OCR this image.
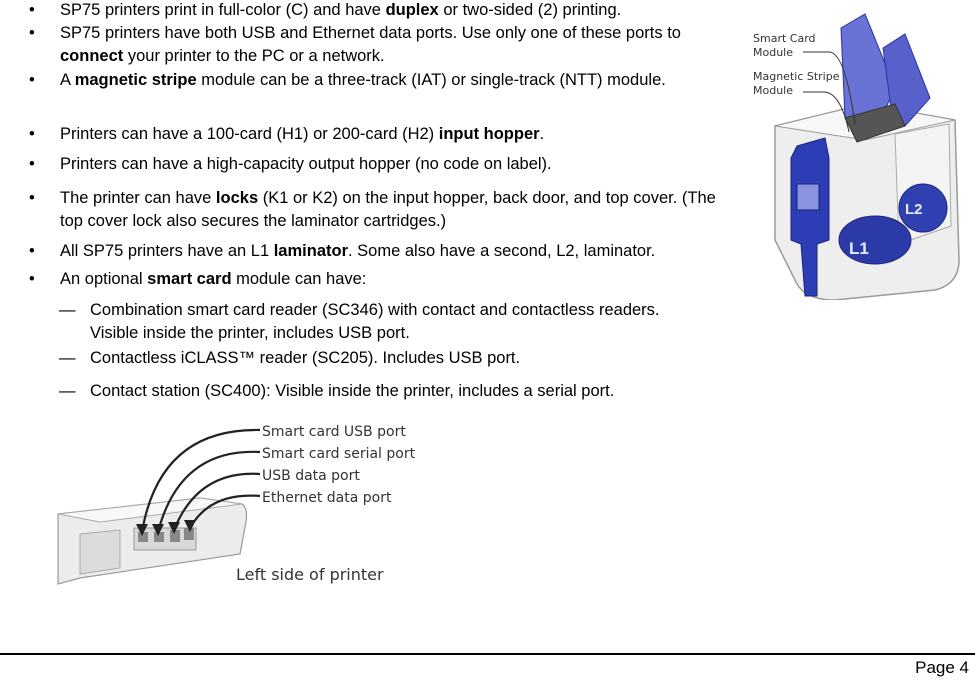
• SP75 printers print in full-color (C) and have duplex or two-sided (2) printing.
• SP75 printers have both USB and Ethernet data ports. Use only one of these ports to connect your printer to the PC or a network.
• A magnetic stripe module can be a three-track (IAT) or single-track (NTT) module.
• Printers can have a 100-card (H1) or 200-card (H2) input hopper.
• Printers can have a high-capacity output hopper (no code on label).
• The printer can have locks (K1 or K2) on the input hopper, back door, and top cover. (The top cover lock also secures the laminator cartridges.)
• All SP75 printers have an L1 laminator. Some also have a second, L2, laminator.
• An optional smart card module can have:
— Combination smart card reader (SC346) with contact and contactless readers. Visible inside the printer, includes USB port.
— Contactless iCLASS™ reader (SC205). Includes USB port.
— Contact station (SC400): Visible inside the printer, includes a serial port.
L1
L2
Smart Card
Module
Magnetic Stripe
Module
Smart card USB port
Smart card serial port
USB data port
Ethernet data port
Left side of printer
Page 4
